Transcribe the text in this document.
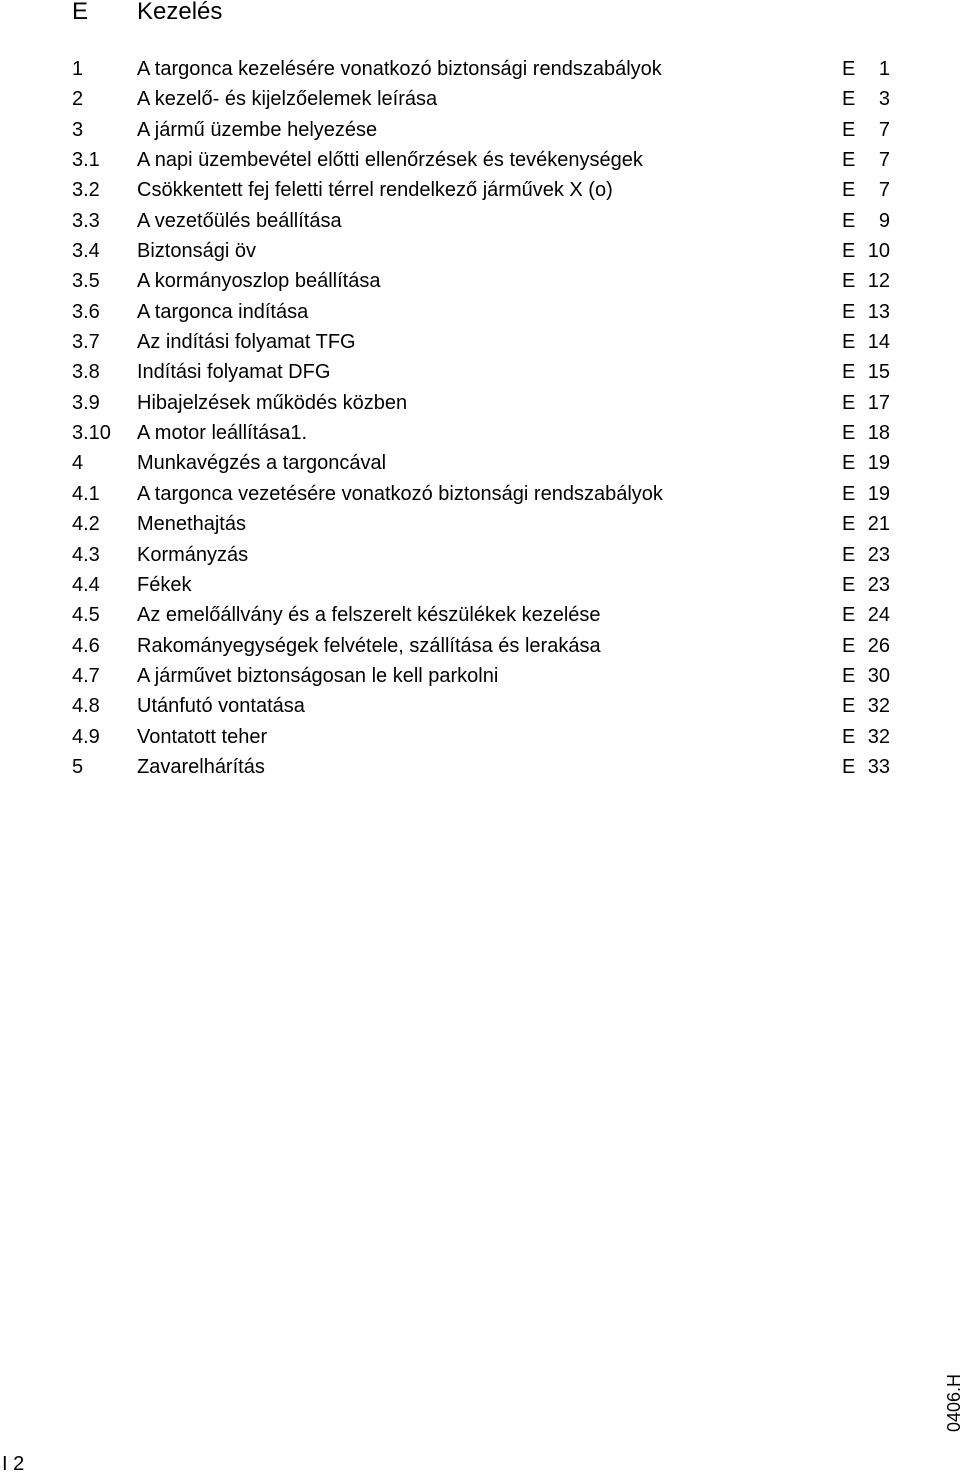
E Kezelés
1	A targonca kezelésére vonatkozó biztonsági rendszabályok	E	1
2	A kezelő- és kijelzőelemek leírása	E	3
3	A jármű üzembe helyezése	E	7
3.1	A napi üzembevétel előtti ellenőrzések és tevékenységek	E	7
3.2	Csökkentett fej feletti térrel rendelkező járművek X (o)	E	7
3.3	A vezetőülés beállítása	E	9
3.4	Biztonsági öv	E 10
3.5	A kormányoszlop beállítása	E 12
3.6	A targonca indítása	E 13
3.7	Az indítási folyamat TFG	E 14
3.8	Indítási folyamat DFG	E 15
3.9	Hibajelzések működés közben	E 17
3.10	A motor leállítása1.	E 18
4	Munkavégzés a targoncával	E 19
4.1	A targonca vezetésére vonatkozó biztonsági rendszabályok	E 19
4.2	Menethajtás	E 21
4.3	Kormányzás	E 23
4.4	Fékek	E 23
4.5	Az emelőállvány és a felszerelt készülékek kezelése	E 24
4.6	Rakományegységek felvétele, szállítása és lerakása	E 26
4.7	A járművet biztonságosan le kell parkolni	E 30
4.8	Utánfutó vontatása	E 32
4.9	Vontatott teher	E 32
5	Zavarelhárítás	E 33
I 2
0406.H
